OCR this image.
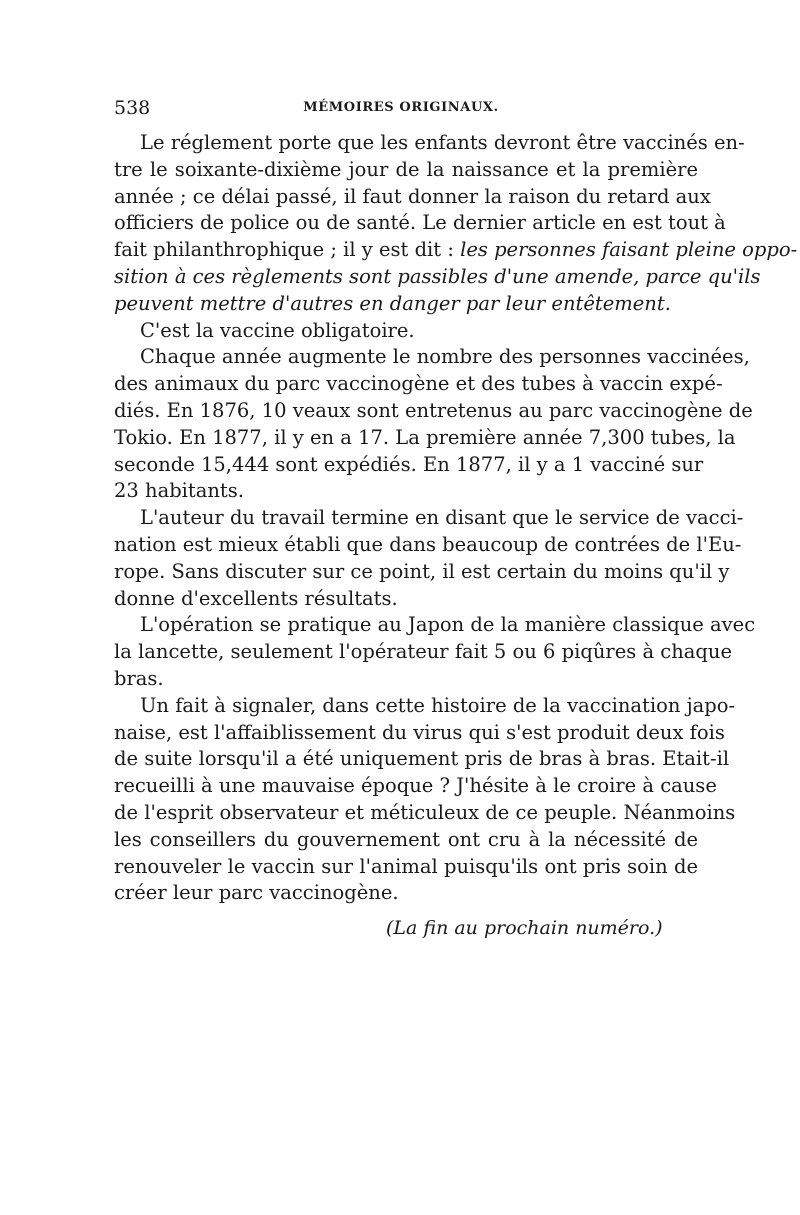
538	MÉMOIRES ORIGINAUX.
Le réglement porte que les enfants devront être vaccinés en-
tre le soixante-dixième jour de la naissance et la première
année ; ce délai passé, il faut donner la raison du retard aux
officiers de police ou de santé. Le dernier article en est tout à
fait philanthrophique ; il y est dit : les personnes faisant pleine oppo-
sition à ces règlements sont passibles d'une amende, parce qu'ils
peuvent mettre d'autres en danger par leur entêtement.
C'est la vaccine obligatoire.
Chaque année augmente le nombre des personnes vaccinées,
des animaux du parc vaccinogène et des tubes à vaccin expé-
diés. En 1876, 10 veaux sont entretenus au parc vaccinogène de
Tokio. En 1877, il y en a 17. La première année 7,300 tubes, la
seconde 15,444 sont expédiés. En 1877, il y a 1 vacciné sur
23 habitants.
L'auteur du travail termine en disant que le service de vacci-
nation est mieux établi que dans beaucoup de contrées de l'Eu-
rope. Sans discuter sur ce point, il est certain du moins qu'il y
donne d'excellents résultats.
L'opération se pratique au Japon de la manière classique avec
la lancette, seulement l'opérateur fait 5 ou 6 piqûres à chaque
bras.
Un fait à signaler, dans cette histoire de la vaccination japo-
naise, est l'affaiblissement du virus qui s'est produit deux fois
de suite lorsqu'il a été uniquement pris de bras à bras. Etait-il
recueilli à une mauvaise époque ? J'hésite à le croire à cause
de l'esprit observateur et méticuleux de ce peuple. Néanmoins
les conseillers du gouvernement ont cru à la nécessité de
renouveler le vaccin sur l'animal puisqu'ils ont pris soin de
créer leur parc vaccinogène.
(La fin au prochain numéro.)
